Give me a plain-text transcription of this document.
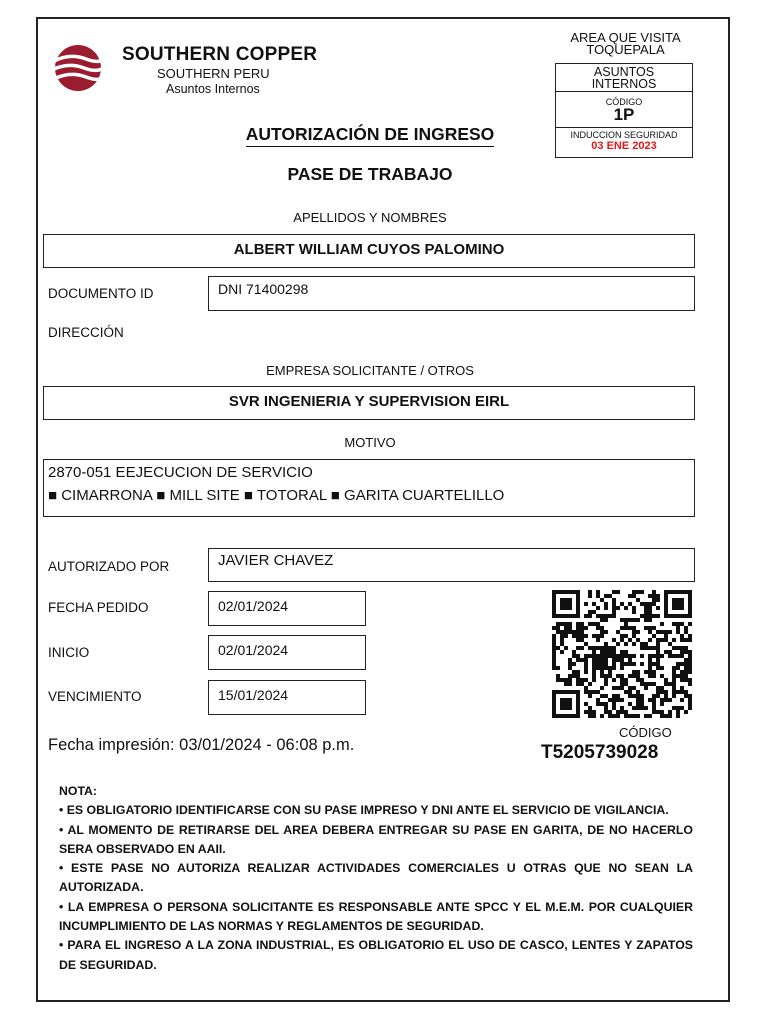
SOUTHERN COPPER
SOUTHERN PERU
Asuntos Internos
AREA QUE VISITA
TOQUEPALA
ASUNTOS
INTERNOS
CÓDIGO
1P
INDUCCION SEGURIDAD
03 ENE 2023
AUTORIZACIÓN DE INGRESO
PASE DE TRABAJO
APELLIDOS Y NOMBRES
ALBERT WILLIAM CUYOS PALOMINO
DOCUMENTO ID	DNI 71400298
DIRECCIÓN
EMPRESA SOLICITANTE / OTROS
SVR INGENIERIA Y SUPERVISION EIRL
MOTIVO
2870-051 EEJECUCION DE SERVICIO
■ CIMARRONA ■ MILL SITE ■ TOTORAL ■ GARITA CUARTELILLO
AUTORIZADO POR	JAVIER CHAVEZ
FECHA PEDIDO	02/01/2024
INICIO	02/01/2024
VENCIMIENTO	15/01/2024
CÓDIGO
T5205739028
Fecha impresión: 03/01/2024 - 06:08 p.m.

NOTA:

• ES OBLIGATORIO IDENTIFICARSE CON SU PASE IMPRESO Y DNI ANTE EL SERVICIO DE VIGILANCIA.

• AL MOMENTO DE RETIRARSE DEL AREA DEBERA ENTREGAR SU PASE EN GARITA, DE NO HACERLO SERA OBSERVADO EN AAII.

• ESTE PASE NO AUTORIZA REALIZAR ACTIVIDADES COMERCIALES U OTRAS QUE NO SEAN LA AUTORIZADA.

• LA EMPRESA O PERSONA SOLICITANTE ES RESPONSABLE ANTE SPCC Y EL M.E.M. POR CUALQUIER INCUMPLIMIENTO DE LAS NORMAS Y REGLAMENTOS DE SEGURIDAD.

• PARA EL INGRESO A LA ZONA INDUSTRIAL, ES OBLIGATORIO EL USO DE CASCO, LENTES Y ZAPATOS DE SEGURIDAD.
